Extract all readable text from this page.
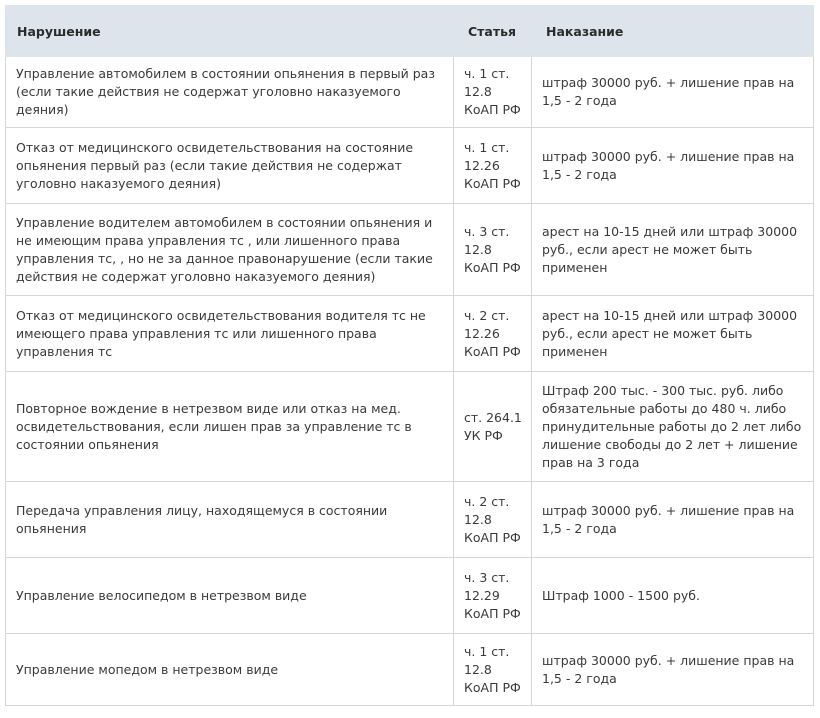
Нарушение	Статья	Наказание
Управление автомобилем в состоянии опьянения в первый раз (если такие действия не содержат уголовно наказуемого деяния)	ч. 1 ст. 12.8 КоАП РФ	штраф 30000 руб. + лишение прав на 1,5 - 2 года
Отказ от медицинского освидетельствования на состояние опьянения первый раз (если такие действия не содержат уголовно наказуемого деяния)	ч. 1 ст. 12.26 КоАП РФ	штраф 30000 руб. + лишение прав на 1,5 - 2 года
Управление водителем автомобилем в состоянии опьянения и не имеющим права управления тс , или лишенного права управления тс, , но не за данное правонарушение (если такие действия не содержат уголовно наказуемого деяния)	ч. 3 ст. 12.8 КоАП РФ	арест на 10-15 дней или штраф 30000 руб., если арест не может быть применен
Отказ от медицинского освидетельствования водителя тс не имеющего права управления тс или лишенного права управления тс	ч. 2 ст. 12.26 КоАП РФ	арест на 10-15 дней или штраф 30000 руб., если арест не может быть применен
Повторное вождение в нетрезвом виде или отказ на мед. освидетельствования, если лишен прав за управление тс в состоянии опьянения	ст. 264.1 УК РФ	Штраф 200 тыс. - 300 тыс. руб. либо обязательные работы до 480 ч. либо принудительные работы до 2 лет либо лишение свободы до 2 лет + лишение прав на 3 года
Передача управления лицу, находящемуся в состоянии опьянения	ч. 2 ст. 12.8 КоАП РФ	штраф 30000 руб. + лишение прав на 1,5 - 2 года
Управление велосипедом в нетрезвом виде	ч. 3 ст. 12.29 КоАП РФ	Штраф 1000 - 1500 руб.
Управление мопедом в нетрезвом виде	ч. 1 ст. 12.8 КоАП РФ	штраф 30000 руб. + лишение прав на 1,5 - 2 года
